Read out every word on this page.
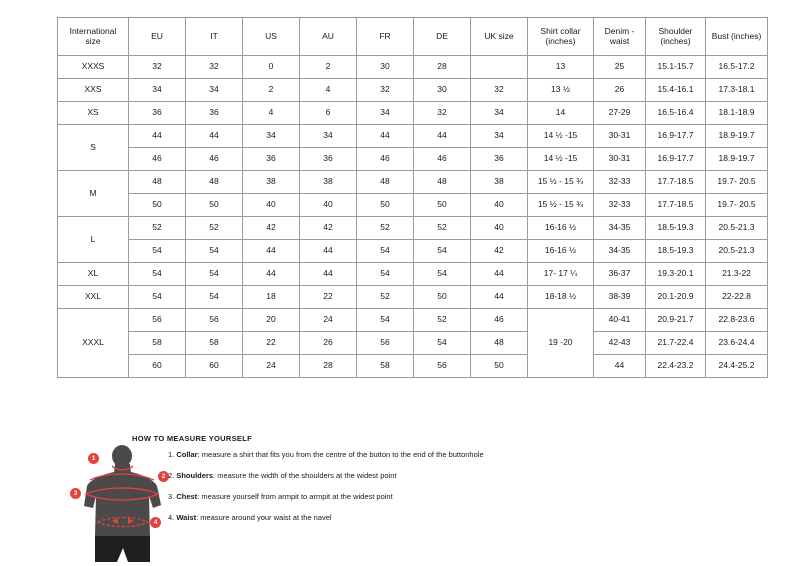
International size	EU	IT	US	AU	FR	DE	UK size	Shirt collar (inches)	Denim - waist	Shoulder (inches)	Bust (inches)
XXXS	32	32	0	2	30	28		13	25	15.1-15.7	16.5-17.2
XXS	34	34	2	4	32	30	32	13 ½	26	15.4-16.1	17.3-18.1
XS	36	36	4	6	34	32	34	14	27-29	16.5-16.4	18.1-18.9
S	44	44	34	34	44	44	34	14 ½ -15	30-31	16.9-17.7	18.9-19.7
	46	46	36	36	46	46	36	14 ½ -15	30-31	16.9-17.7	18.9-19.7
M	48	48	38	38	48	48	38	15 ½ - 15 ¾	32-33	17.7-18.5	19.7- 20.5
	50	50	40	40	50	50	40	15 ½ - 15 ¾	32-33	17.7-18.5	19.7- 20.5
L	52	52	42	42	52	52	40	16-16 ½	34-35	18.5-19.3	20.5-21.3
	54	54	44	44	54	54	42	16-16 ½	34-35	18.5-19.3	20.5-21.3
XL	54	54	44	44	54	54	44	17- 17 ¼	36-37	19.3-20.1	21.3-22
XXL	54	54	18	22	52	50	44	18-18 ½	38-39	20.1-20.9	22-22.8
XXXL	56	56	20	24	54	52	46	19 -20	40-41	20.9-21.7	22.8-23.6
	58	58	22	26	56	54	48		42-43	21.7-22.4	23.6-24.4
	60	60	24	28	58	56	50		44	22.4-23.2	24.4-25.2
HOW TO MEASURE YOURSELF
1
2
3
4
1. Collar: measure a shirt that fits you from the centre of the button to the end of the buttonhole
2. Shoulders: measure the width of the shoulders at the widest point
3. Chest: measure yourself from armpit to armpit at the widest point
4. Waist: measure around your waist at the navel
